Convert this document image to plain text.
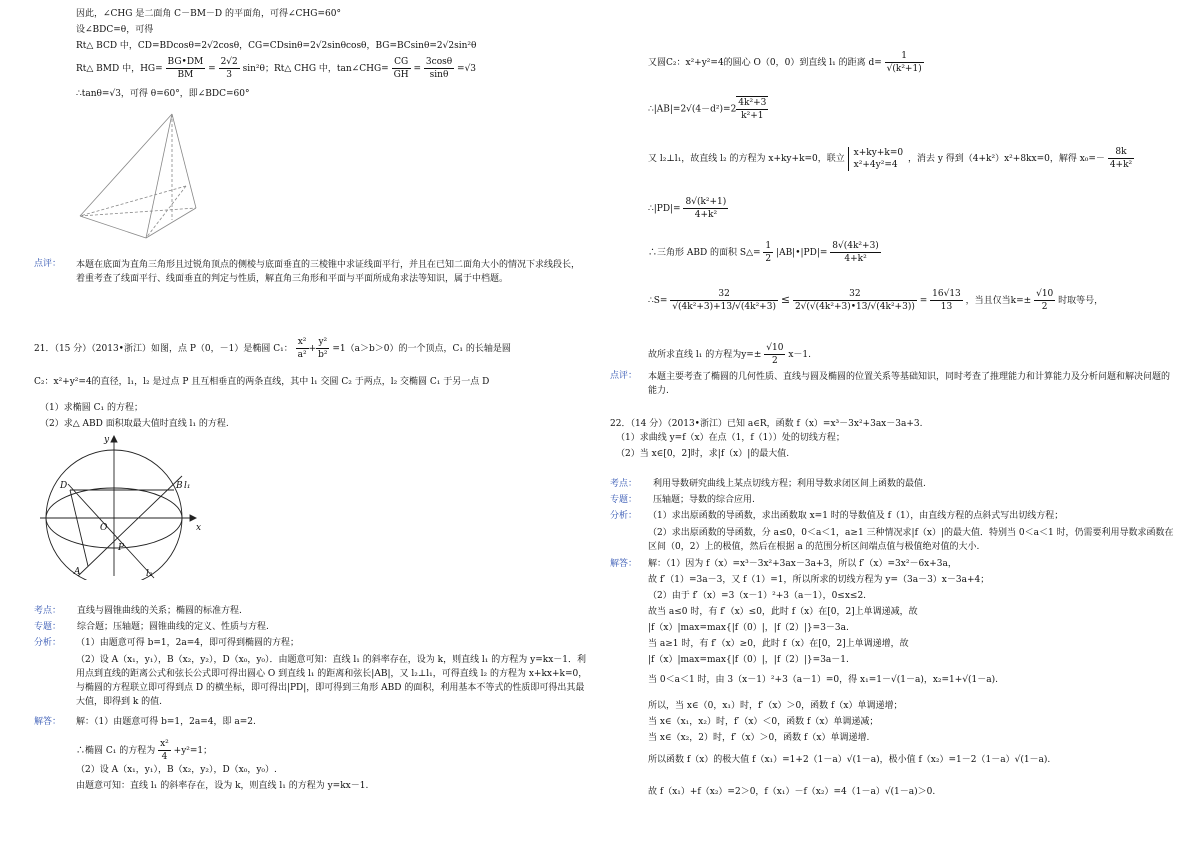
因此，∠CHG 是二面角 C－BM－D 的平面角，可得∠CHG=60°
设∠BDC=θ，可得
Rt△ BCD 中，CD=BDcosθ=2√2cosθ，CG=CDsinθ=2√2sinθcosθ，BG=BCsinθ=2√2sin²θ
Rt△ BMD 中，$HG= \frac{BG•DM}{BM} = \frac{2√2}{3} \sin^2\theta$；Rt△ CHG 中，tan∠CHG= $\frac{CG}{GH} = \frac{3\cos\theta}{\sin\theta} =√3$
∴tanθ=√3，可得 θ=60°，即∠BDC=60°
点评： 本题在底面为直角三角形且过锐角顶点的侧棱与底面垂直的三棱锥中求证线面平行，并且在已知二面角大小的情况下求线段长，着重考查了线面平行、线面垂直的判定与性质，解直角三角形和平面与平面所成角求法等知识，属于中档题。
21．（15 分）（2013•浙江）如图，点 P（0，－1）是椭圆 C₁： $\frac{\text{x²}}{\text{a²}} + \frac{\text{y²}}{\text{b²}} =1(a>b>0)$的一个顶点，C₁ 的长轴是圆
C₂：x²+y²=4的直径，l₁，l₂ 是过点 P 且互相垂直的两条直线，其中 l₁ 交圆 C₂ 于两点，l₂ 交椭圆 C₁ 于另一点 D
（1）求椭圆 C₁ 的方程；
（2）求△ ABD 面积取最大值时直线 l₁ 的方程.
y
x
O
D	B
A
P
l₁
l₂
考点： 直线与圆锥曲线的关系；椭圆的标准方程.
专题： 综合题；压轴题；圆锥曲线的定义、性质与方程.
分析： （1）由题意可得 b=1，2a=4，即可得到椭圆的方程；
（2）设 A（x₁，y₁），B（x₂，y₂），D（x₀，y₀）．由题意可知：直线 l₁ 的斜率存在，设为 k，则直线 l₁ 的方程为 y=kx－1．利用点到直线的距离公式和弦长公式即可得出圆心 O 到直线 l₁ 的距离和弦长|AB|，又 l₂⊥l₁，可得直线 l₂ 的方程为 x+kx+k=0，与椭圆的方程联立即可得到点 D 的横坐标，即可得出|PD|，即可得到三角形 ABD 的面积，利用基本不等式的性质即可得出其最大值，即得到 k 的值.
解答： 解：（1）由题意可得 b=1，2a=4，即 a=2.
∴椭圆 C₁ 的方程为 $\frac{\text{x²}}{4} +y^2=1$；
（2）设 A（x₁，y₁），B（x₂，y₂），D（x₀，y₀）.
由题意可知：直线 l₁ 的斜率存在，设为 k，则直线 l₁ 的方程为 y=kx－1.
又圆C₂：x²+y²=4的圆心 O（0，0）到直线 l₁ 的距离 $d= \frac{1}{\text{√(k²+1)}}$
∴|AB|=2√(4－d²)=2 $\frac{\text{4k²+3}}{\text{k²+1}}$
又 l₂⊥l₁，故直线 l₂ 的方程为 x+ky+k=0，联立
x+ky+k=0
x²+4y²=4
，消去 y 得到（4+k²）x²+8kx=0，解得 $x_0=- \frac{8k}{\text{4+k²}}$
∴|PD|= $\frac{\text{8√(k²+1)}}{\text{4+k²}}$
∴三角形 ABD 的面积 S△= $\frac{1}{2}$ |AB|•|PD|= $\frac{\text{8√(4k²+3)}}{\text{4+k²}}$
∴S= $\frac{32}{\text{√(4k²+3)+13/√(4k²+3)}} \le \frac{32}{\text{2√(√(4k²+3)•13/√(4k²+3))}} = \frac{16√13}{13}$ ，当且仅当$k=\pm \frac{√10}{2}$ 时取等号，
故所求直线 l₁ 的方程为$y=\pm \frac{√10}{2} x-1$.
点评： 本题主要考查了椭圆的几何性质、直线与圆及椭圆的位置关系等基础知识，同时考查了推理能力和计算能力及分析问题和解决问题的能力.
22．（14 分）（2013•浙江）已知 a∈R，函数 f（x）=x³－3x²+3ax－3a+3.
（1）求曲线 y=f（x）在点（1，f（1））处的切线方程；
（2）当 x∈[0，2]时，求|f（x）|的最大值.
考点： 利用导数研究曲线上某点切线方程；利用导数求闭区间上函数的最值.
专题： 压轴题；导数的综合应用.
分析： （1）求出原函数的导函数，求出函数取 x=1 时的导数值及 f（1），由直线方程的点斜式写出切线方程；
（2）求出原函数的导函数，分 a≤0，0＜a＜1，a≥1 三种情况求|f（x）|的最大值．特别当 0＜a＜1 时，仍需要利用导数求函数在区间（0，2）上的极值，然后在根据 a 的范围分析区间端点值与极值绝对值的大小.
解答： 解：（1）因为 f（x）=x³－3x²+3ax－3a+3，所以 f′（x）=3x²－6x+3a，
故 f′（1）=3a－3，又 f（1）=1，所以所求的切线方程为 y=（3a－3）x－3a+4；
（2）由于 f′（x）=3（x－1）²+3（a－1），0≤x≤2.
故当 a≤0 时，有 f′（x）≤0，此时 f（x）在[0，2]上单调递减，故
|f（x）|max=max{|f（0）|，|f（2）|}=3－3a.
当 a≥1 时，有 f′（x）≥0，此时 f（x）在[0，2]上单调递增，故
|f（x）|max=max{|f（0）|，|f（2）|}=3a－1.
当 0＜a＜1 时，由 3（x－1）²+3（a－1）=0，得 x₁=1－√(1－a)，x₂=1+√(1－a).
所以，当 x∈（0，x₁）时，f′（x）＞0，函数 f（x）单调递增；
当 x∈（x₁，x₂）时，f′（x）＜0，函数 f（x）单调递减；
当 x∈（x₂，2）时，f′（x）＞0，函数 f（x）单调递增.
所以函数 f（x）的极大值 f（x₁）=1+2（1－a）√(1－a)，极小值 f（x₂）=1－2（1－a）√(1－a).
故 f（x₁）+f（x₂）=2＞0，f（x₁）－f（x₂）=4（1－a）√(1－a)＞0.
